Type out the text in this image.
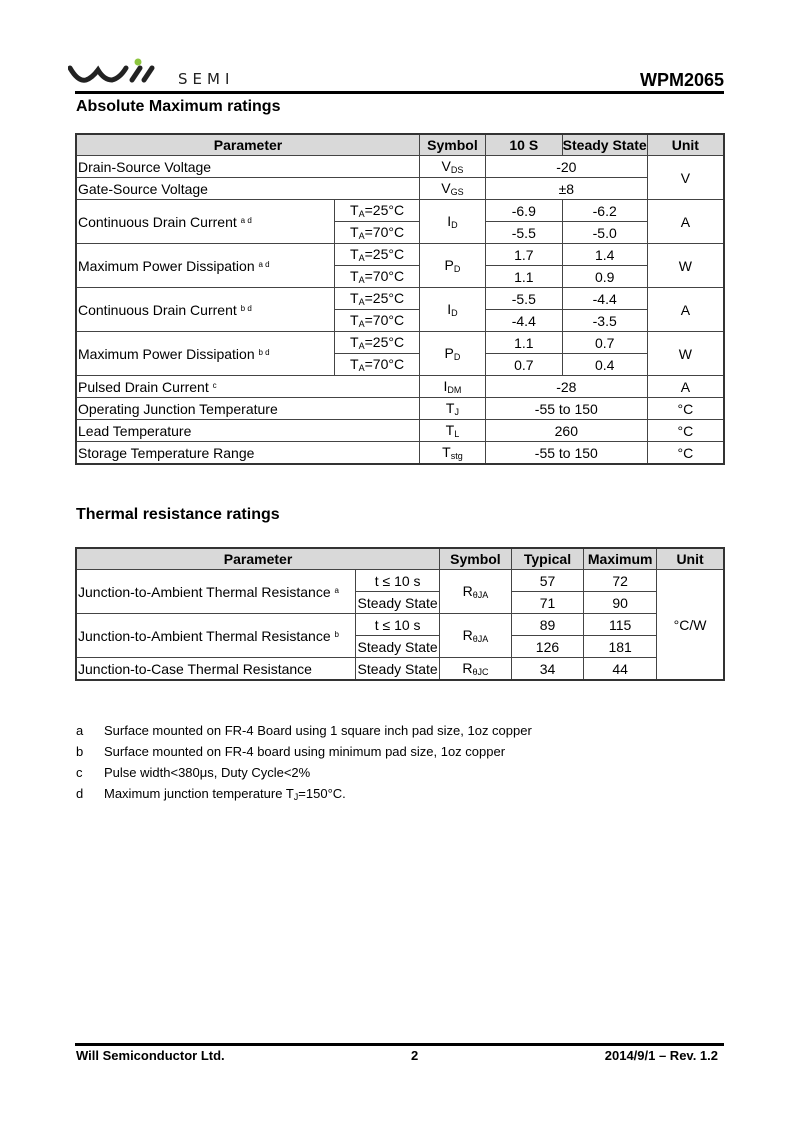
SEMI	WPM2065
Absolute Maximum ratings
Parameter		Symbol	10 S	Steady State	Unit
Drain-Source Voltage		$V_{DS}$	-20		V
Gate-Source Voltage		$V_{GS}$	±8		
Continuous Drain Current $^{a d}$	$T_A=25^\circ C$	$I_D$	-6.9	-6.2	A
	$T_A=70^\circ C$		-5.5	-5.0	
Maximum Power Dissipation $^{a d}$	$T_A=25^\circ C$	$P_D$	1.7	1.4	W
	$T_A=70^\circ C$		1.1	0.9	
Continuous Drain Current $^{b d}$	$T_A=25^\circ C$	$I_D$	-5.5	-4.4	A
	$T_A=70^\circ C$		-4.4	-3.5	
Maximum Power Dissipation $^{b d}$	$T_A=25^\circ C$	$P_D$	1.1	0.7	W
	$T_A=70^\circ C$		0.7	0.4	
Pulsed Drain Current $^c$		$I_{DM}$	-28		A
Operating Junction Temperature		$T_J$	-55 to 150		°C
Lead Temperature		$T_L$	260		°C
Storage Temperature Range		$T_{stg}$	-55 to 150		°C
Thermal resistance ratings
Parameter		Symbol	Typical	Maximum	Unit
Junction-to-Ambient Thermal Resistance $^a$	t ≤ 10 s	$R_{\theta JA}$	57	72	°C/W
	Steady State		71	90	
Junction-to-Ambient Thermal Resistance $^b$	t ≤ 10 s	$R_{\theta JA}$	89	115	
	Steady State		126	181	
Junction-to-Case Thermal Resistance	Steady State	$R_{\theta JC}$	34	44	
a	Surface mounted on FR-4 Board using 1 square inch pad size, 1oz copper
b	Surface mounted on FR-4 board using minimum pad size, 1oz copper
c	Pulse width<380μs, Duty Cycle<2%
d	Maximum junction temperature $T_J=150^\circ C$.
Will Semiconductor Ltd.	2	2014/9/1 – Rev. 1.2
